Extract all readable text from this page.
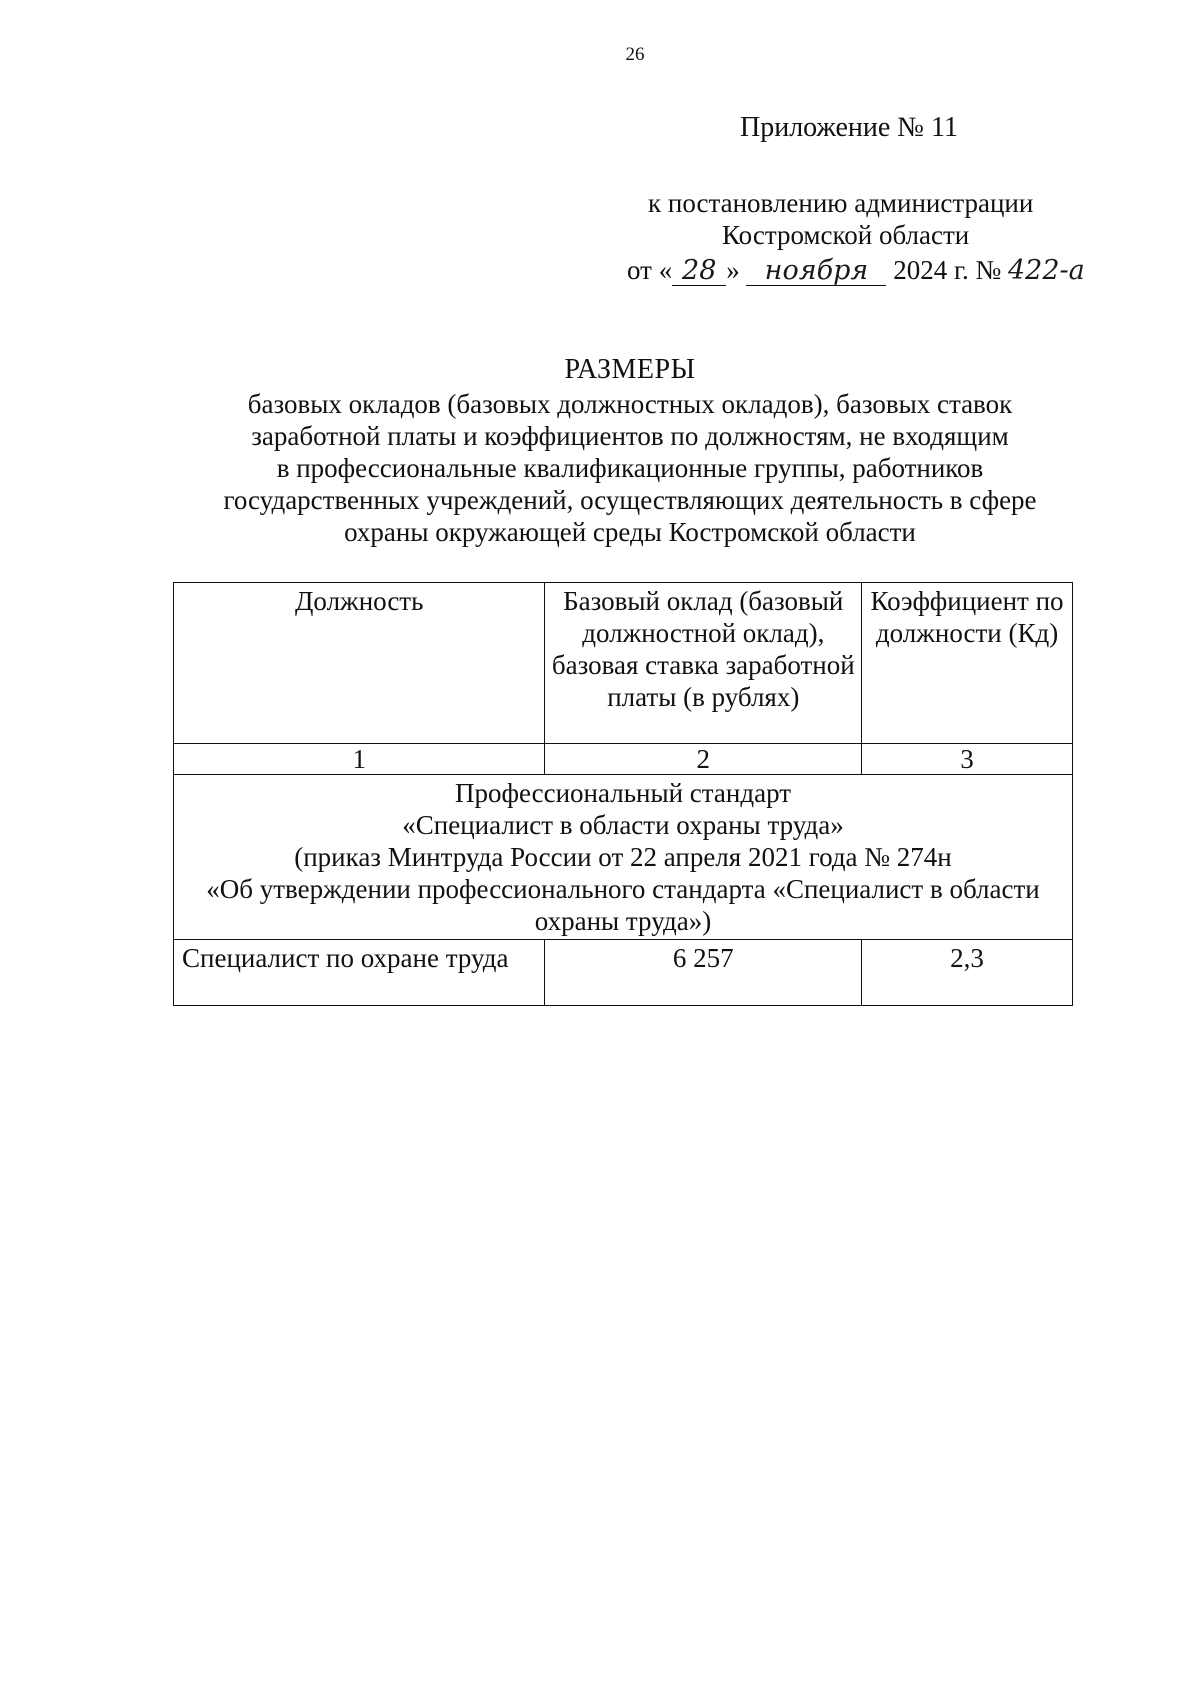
26
Приложение № 11
к постановлению администрации
Костромской области
от « 28 » ноября 2024 г. № 422-а
РАЗМЕРЫ
базовых окладов (базовых должностных окладов), базовых ставок
заработной платы и коэффициентов по должностям, не входящим
в профессиональные квалификационные группы, работников
государственных учреждений, осуществляющих деятельность в сфере
охраны окружающей среды Костромской области
Должность	Базовый оклад (базовый должностной оклад), базовая ставка заработной платы (в рублях)	Коэффициент по должности (Кд)
1	2	3

Профессиональный стандарт
«Специалист в области охраны труда»
(приказ Минтруда России от 22 апреля 2021 года № 274н
«Об утверждении профессионального стандарта «Специалист в области
охраны труда»)		

Специалист по охране труда	6 257	2,3
